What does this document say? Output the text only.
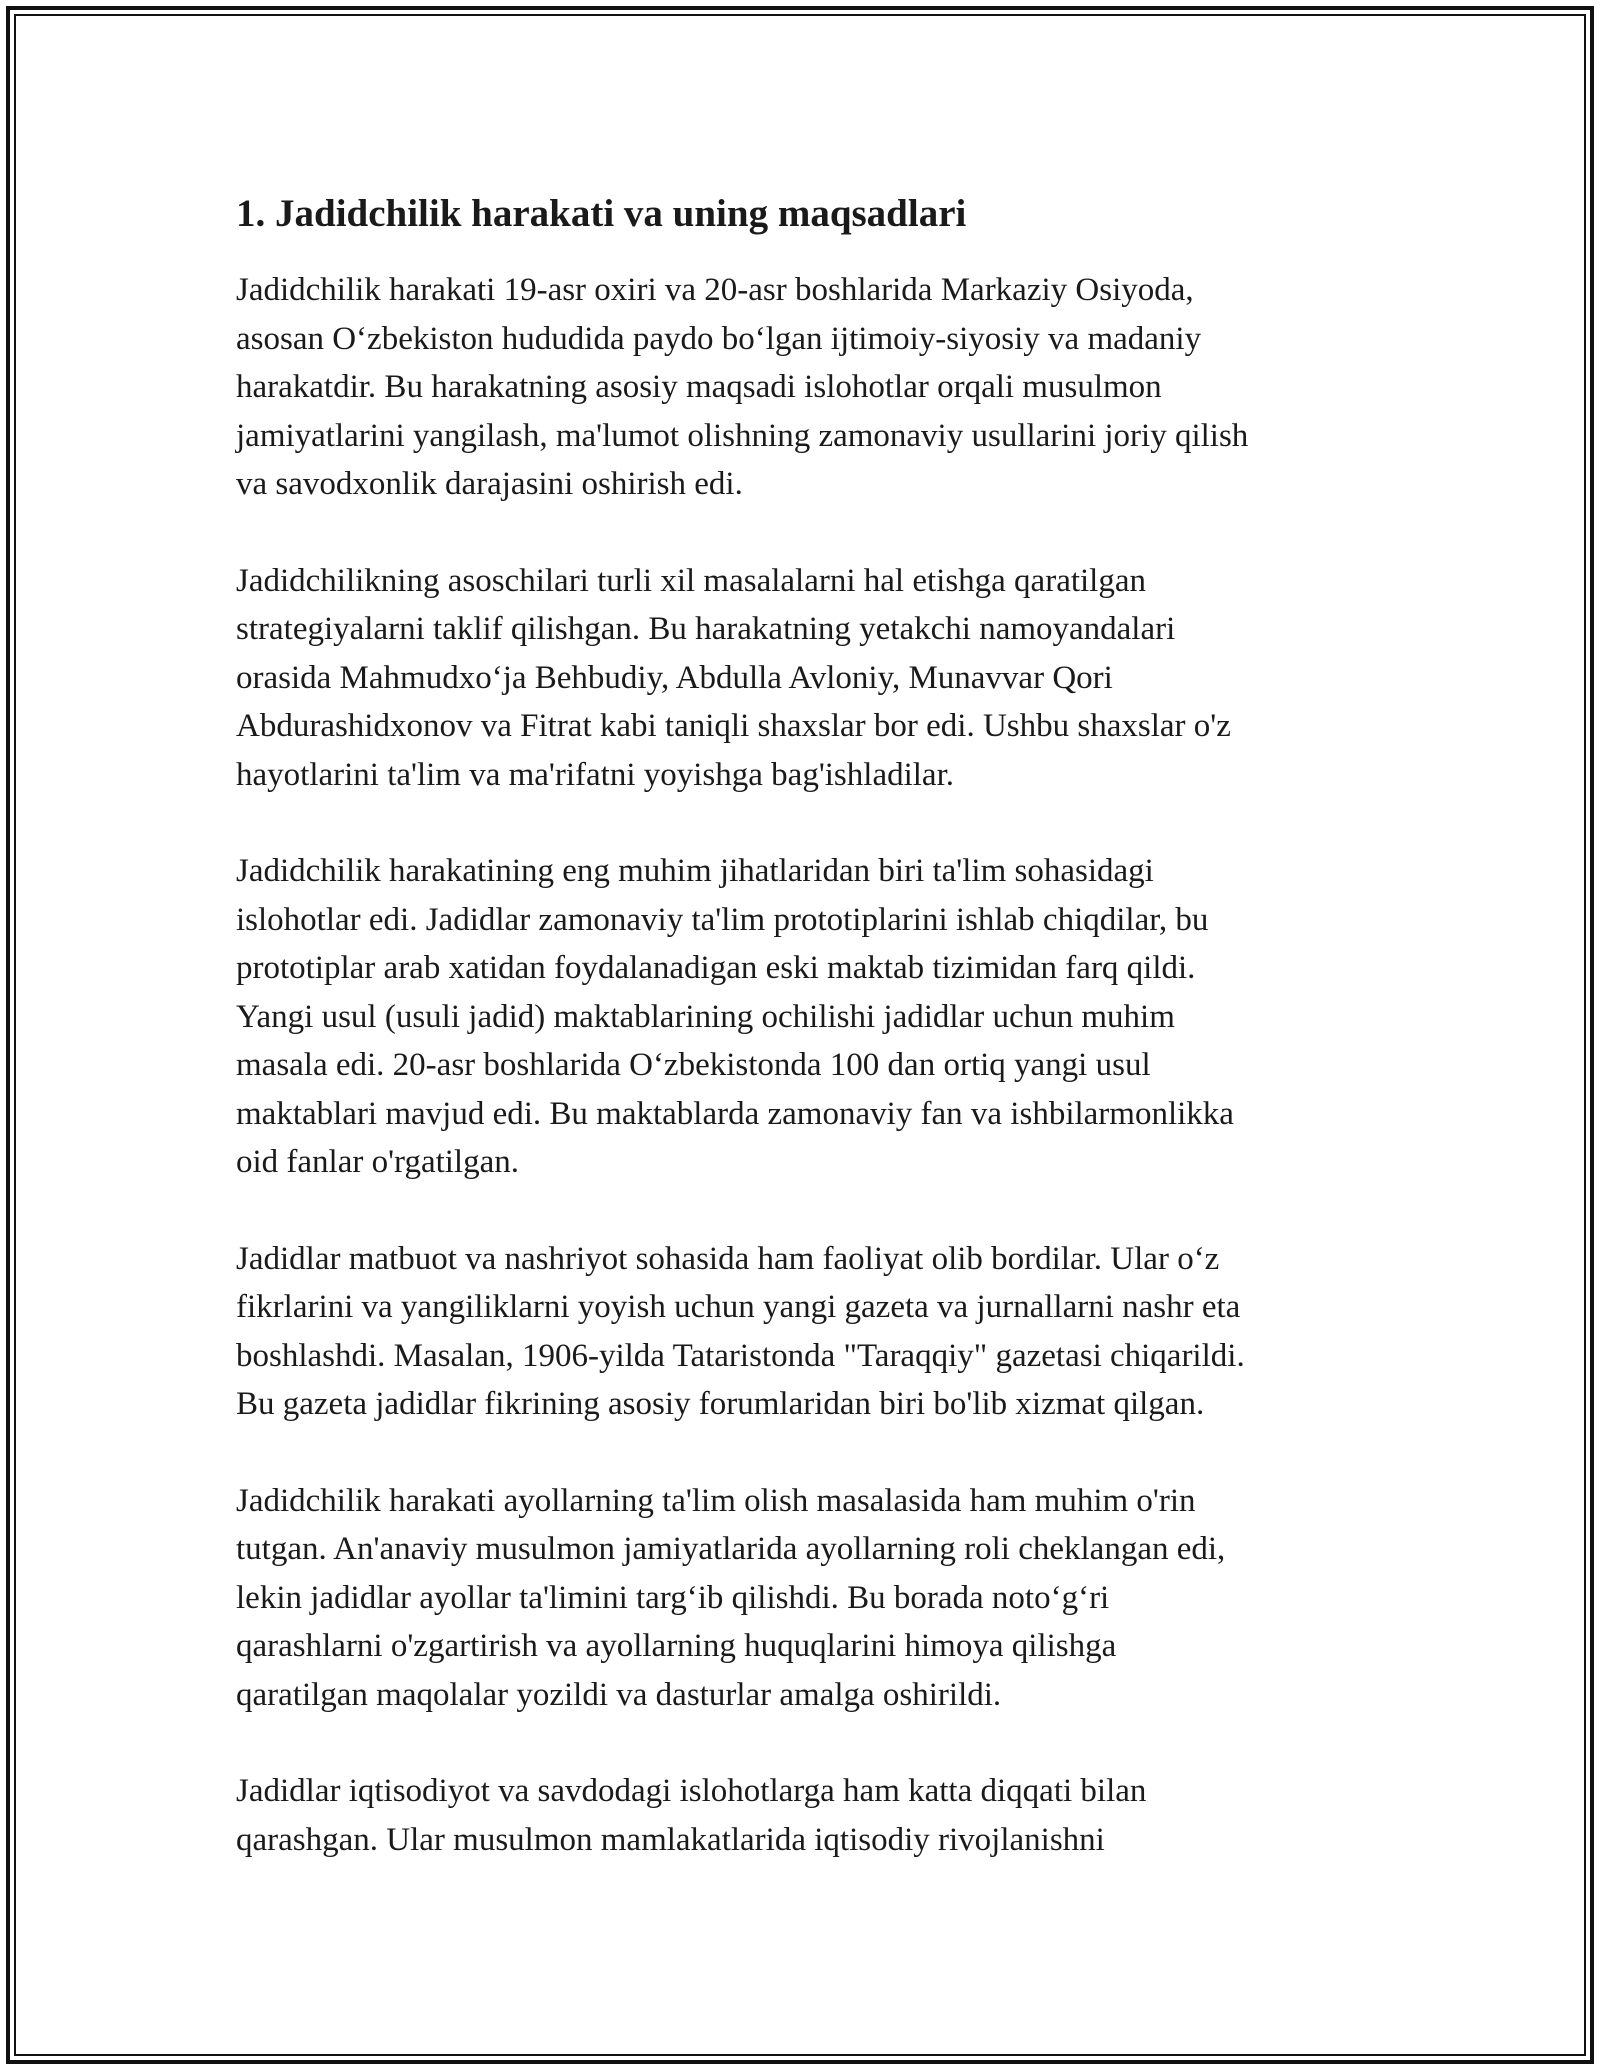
1. Jadidchilik harakati va uning maqsadlari

Jadidchilik harakati 19-asr oxiri va 20-asr boshlarida Markaziy Osiyoda,
asosan O‘zbekiston hududida paydo bo‘lgan ijtimoiy-siyosiy va madaniy
harakatdir. Bu harakatning asosiy maqsadi islohotlar orqali musulmon
jamiyatlarini yangilash, ma'lumot olishning zamonaviy usullarini joriy qilish
va savodxonlik darajasini oshirish edi.

Jadidchilikning asoschilari turli xil masalalarni hal etishga qaratilgan
strategiyalarni taklif qilishgan. Bu harakatning yetakchi namoyandalari
orasida Mahmudxo‘ja Behbudiy, Abdulla Avloniy, Munavvar Qori
Abdurashidxonov va Fitrat kabi taniqli shaxslar bor edi. Ushbu shaxslar o'z
hayotlarini ta'lim va ma'rifatni yoyishga bag'ishladilar.

Jadidchilik harakatining eng muhim jihatlaridan biri ta'lim sohasidagi
islohotlar edi. Jadidlar zamonaviy ta'lim prototiplarini ishlab chiqdilar, bu
prototiplar arab xatidan foydalanadigan eski maktab tizimidan farq qildi.
Yangi usul (usuli jadid) maktablarining ochilishi jadidlar uchun muhim
masala edi. 20-asr boshlarida O‘zbekistonda 100 dan ortiq yangi usul
maktablari mavjud edi. Bu maktablarda zamonaviy fan va ishbilarmonlikka
oid fanlar o'rgatilgan.

Jadidlar matbuot va nashriyot sohasida ham faoliyat olib bordilar. Ular o‘z
fikrlarini va yangiliklarni yoyish uchun yangi gazeta va jurnallarni nashr eta
boshlashdi. Masalan, 1906-yilda Tataristonda "Taraqqiy" gazetasi chiqarildi.
Bu gazeta jadidlar fikrining asosiy forumlaridan biri bo'lib xizmat qilgan.

Jadidchilik harakati ayollarning ta'lim olish masalasida ham muhim o'rin
tutgan. An'anaviy musulmon jamiyatlarida ayollarning roli cheklangan edi,
lekin jadidlar ayollar ta'limini targ‘ib qilishdi. Bu borada noto‘g‘ri
qarashlarni o'zgartirish va ayollarning huquqlarini himoya qilishga
qaratilgan maqolalar yozildi va dasturlar amalga oshirildi.

Jadidlar iqtisodiyot va savdodagi islohotlarga ham katta diqqati bilan
qarashgan. Ular musulmon mamlakatlarida iqtisodiy rivojlanishni
